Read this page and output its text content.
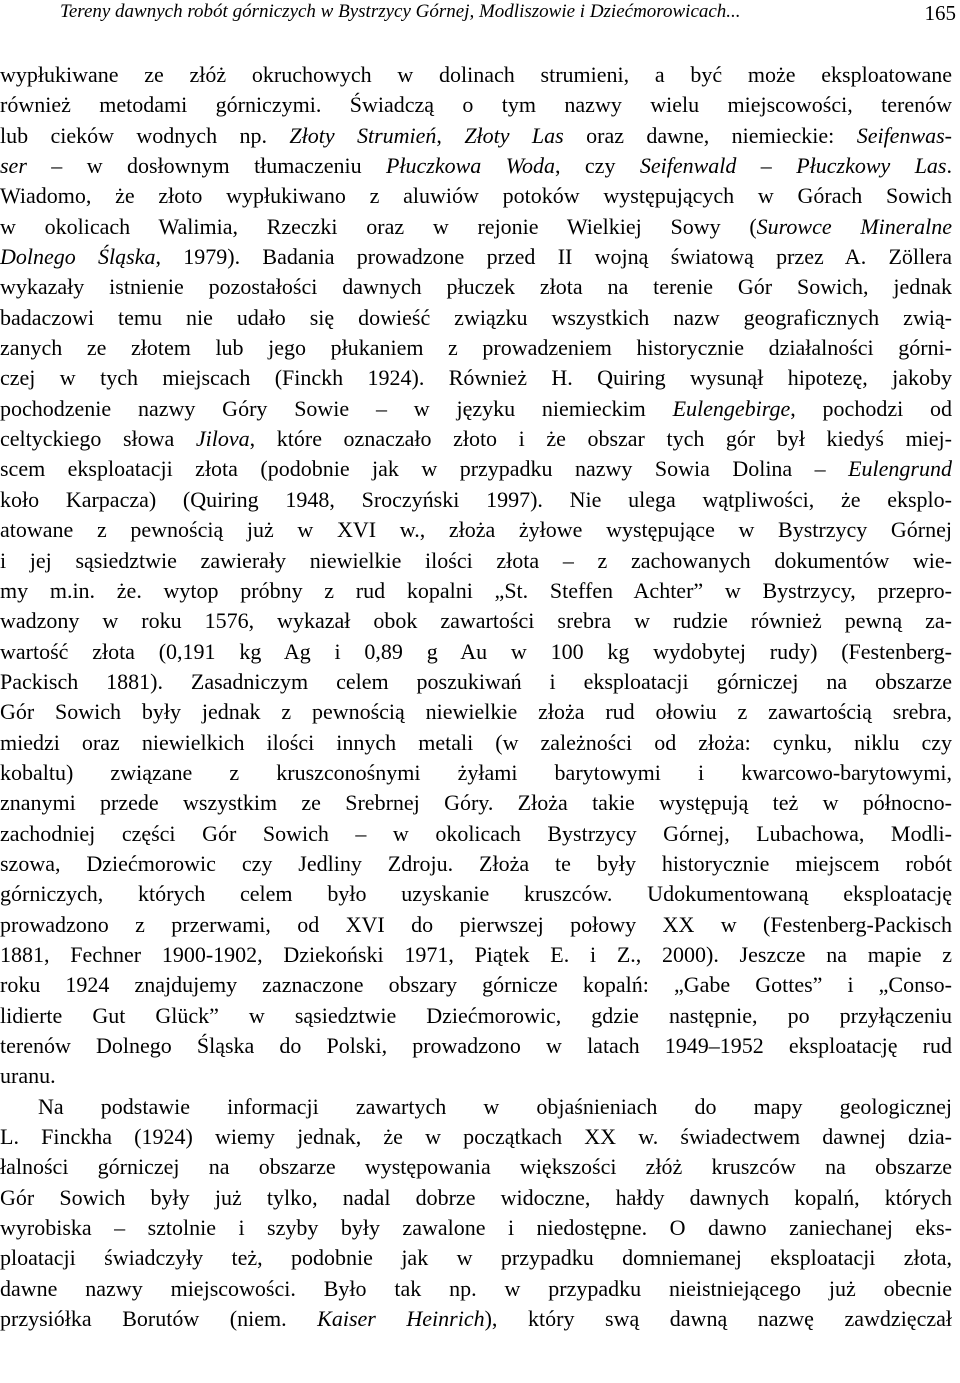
Tereny dawnych robót górniczych w Bystrzycy Górnej, Modliszowie i Dziećmorowicach...	165
wypłukiwane ze złóż okruchowych w dolinach strumieni, a być może eksploatowane
również metodami górniczymi. Świadczą o tym nazwy wielu miejscowości, terenów
lub cieków wodnych np. Złoty Strumień, Złoty Las oraz dawne, niemieckie: Seifenwas-
ser – w dosłownym tłumaczeniu Płuczkowa Woda, czy Seifenwald – Płuczkowy Las.
Wiadomo, że złoto wypłukiwano z aluwiów potoków występujących w Górach Sowich
w okolicach Walimia, Rzeczki oraz w rejonie Wielkiej Sowy (Surowce Mineralne
Dolnego Śląska, 1979). Badania prowadzone przed II wojną światową przez A. Zöllera
wykazały istnienie pozostałości dawnych płuczek złota na terenie Gór Sowich, jednak
badaczowi temu nie udało się dowieść związku wszystkich nazw geograficznych zwią-
zanych ze złotem lub jego płukaniem z prowadzeniem historycznie działalności górni-
czej w tych miejscach (Finckh 1924). Również H. Quiring wysunął hipotezę, jakoby
pochodzenie nazwy Góry Sowie – w języku niemieckim Eulengebirge, pochodzi od
celtyckiego słowa Jilova, które oznaczało złoto i że obszar tych gór był kiedyś miej-
scem eksploatacji złota (podobnie jak w przypadku nazwy Sowia Dolina – Eulengrund
koło Karpacza) (Quiring 1948, Sroczyński 1997). Nie ulega wątpliwości, że eksplo-
atowane z pewnością już w XVI w., złoża żyłowe występujące w Bystrzycy Górnej
i jej sąsiedztwie zawierały niewielkie ilości złota – z zachowanych dokumentów wie-
my m.in. że. wytop próbny z rud kopalni „St. Steffen Achter” w Bystrzycy, przepro-
wadzony w roku 1576, wykazał obok zawartości srebra w rudzie również pewną za-
wartość złota (0,191 kg Ag i 0,89 g Au w 100 kg wydobytej rudy) (Festenberg-
Packisch 1881). Zasadniczym celem poszukiwań i eksploatacji górniczej na obszarze
Gór Sowich były jednak z pewnością niewielkie złoża rud ołowiu z zawartością srebra,
miedzi oraz niewielkich ilości innych metali (w zależności od złoża: cynku, niklu czy
kobaltu) związane z kruszconośnymi żyłami barytowymi i kwarcowo-barytowymi,
znanymi przede wszystkim ze Srebrnej Góry. Złoża takie występują też w północno-
zachodniej części Gór Sowich – w okolicach Bystrzycy Górnej, Lubachowa, Modli-
szowa, Dziećmorowic czy Jedliny Zdroju. Złoża te były historycznie miejscem robót
górniczych, których celem było uzyskanie kruszców. Udokumentowaną eksploatację
prowadzono z przerwami, od XVI do pierwszej połowy XX w (Festenberg-Packisch
1881, Fechner 1900-1902, Dziekoński 1971, Piątek E. i Z., 2000). Jeszcze na mapie z
roku 1924 znajdujemy zaznaczone obszary górnicze kopalń: „Gabe Gottes” i „Conso-
lidierte Gut Glück” w sąsiedztwie Dziećmorowic, gdzie następnie, po przyłączeniu
terenów Dolnego Śląska do Polski, prowadzono w latach 1949–1952 eksploatację rud
uranu.
Na podstawie informacji zawartych w objaśnieniach do mapy geologicznej
L. Finckha (1924) wiemy jednak, że w początkach XX w. świadectwem dawnej dzia-
łalności górniczej na obszarze występowania większości złóż kruszców na obszarze
Gór Sowich były już tylko, nadal dobrze widoczne, hałdy dawnych kopalń, których
wyrobiska – sztolnie i szyby były zawalone i niedostępne. O dawno zaniechanej eks-
ploatacji świadczyły też, podobnie jak w przypadku domniemanej eksploatacji złota,
dawne nazwy miejscowości. Było tak np. w przypadku nieistniejącego już obecnie
przysiółka Borutów (niem. Kaiser Heinrich), który swą dawną nazwę zawdzięczał
